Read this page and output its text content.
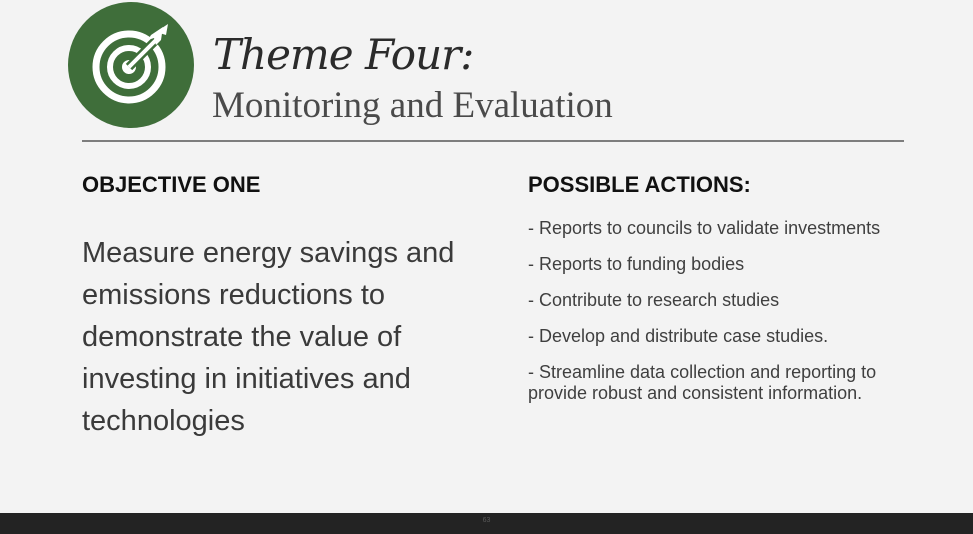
Theme Four:
Monitoring and Evaluation
OBJECTIVE ONE
Measure energy savings and emissions reductions to demonstrate the value of investing in initiatives and technologies
POSSIBLE ACTIONS:
- Reports to councils to validate investments
- Reports to funding bodies
- Contribute to research studies
- Develop and distribute case studies.
- Streamline data collection and reporting to provide robust and consistent information.
63
